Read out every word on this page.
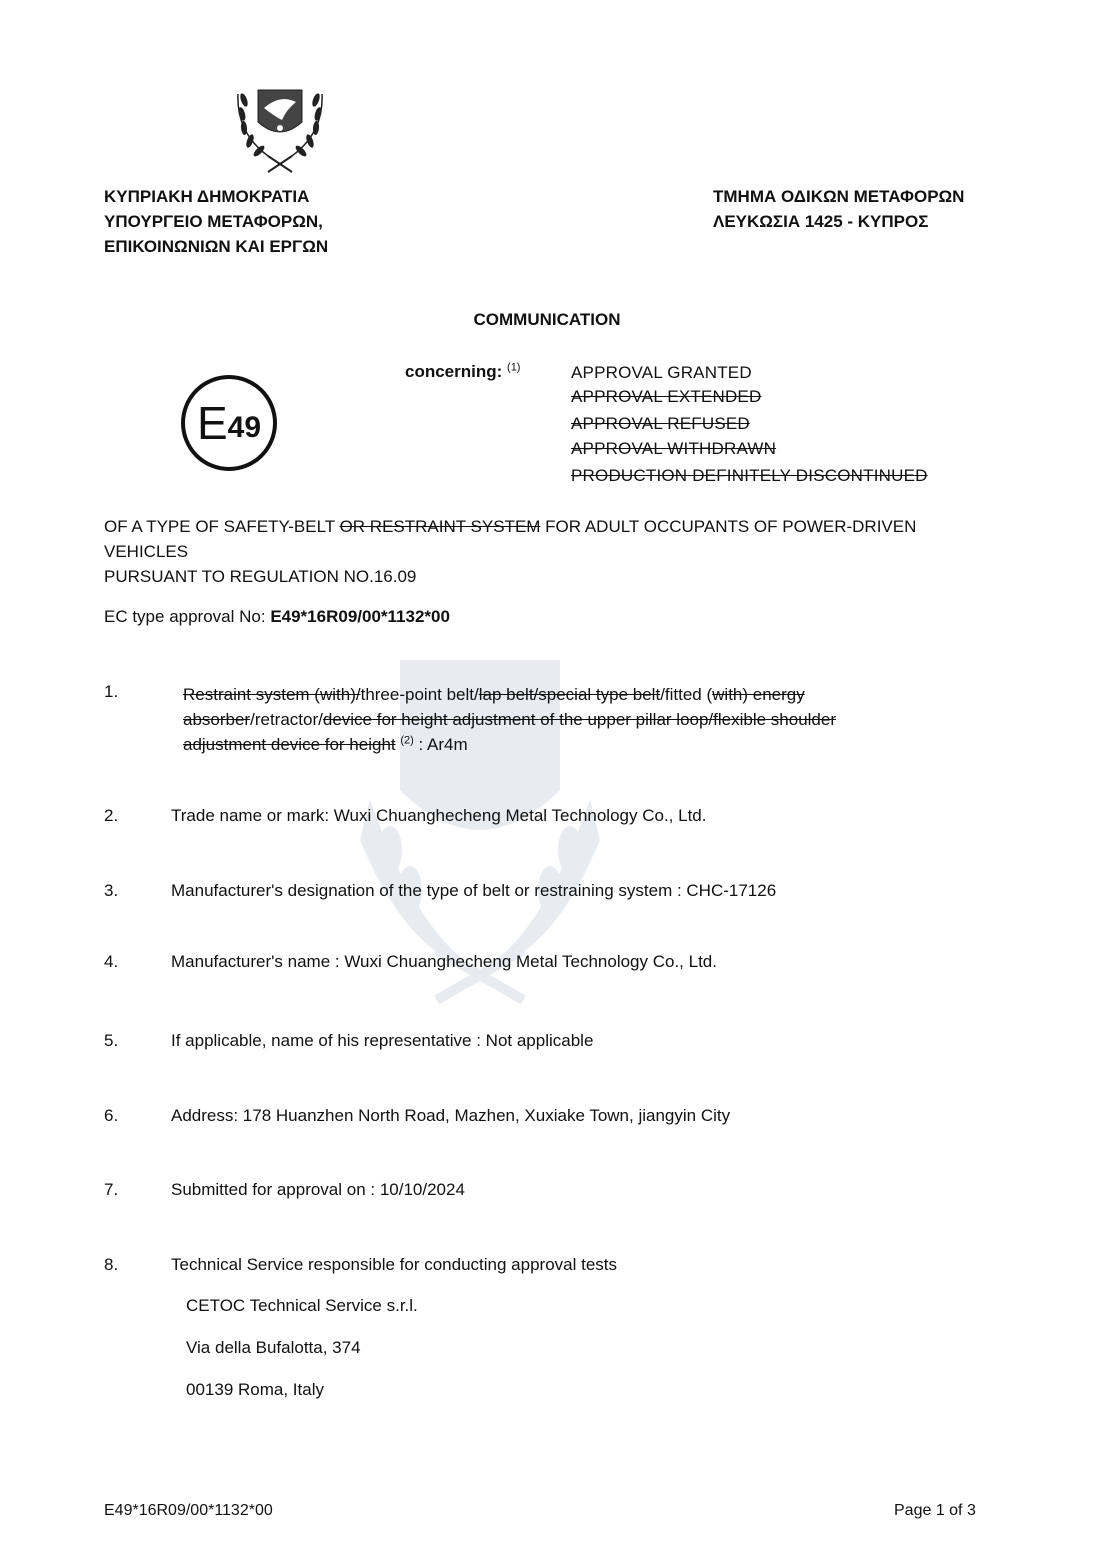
ΚΥΠΡΙΑΚΗ ΔΗΜΟΚΡΑΤΙΑ
ΥΠΟΥΡΓΕΙΟ ΜΕΤΑΦΟΡΩΝ,
ΕΠΙΚΟΙΝΩΝΙΩΝ ΚΑΙ ΕΡΓΩΝ
ΤΜΗΜΑ ΟΔΙΚΩΝ ΜΕΤΑΦΟΡΩΝ
ΛΕΥΚΩΣΙΑ 1425 - ΚΥΠΡΟΣ
COMMUNICATION
E 49
concerning: $^{(1)}$	APPROVAL GRANTED
APPROVAL EXTENDED
APPROVAL REFUSED
APPROVAL WITHDRAWN
PRODUCTION DEFINITELY DISCONTINUED
OF A TYPE OF SAFETY-BELT OR RESTRAINT SYSTEM FOR ADULT OCCUPANTS OF POWER-DRIVEN VEHICLES
PURSUANT TO REGULATION NO.16.09
EC type approval No: E49*16R09/00*1132*00
1.	Restraint system (with)/three-point belt/lap belt/special type belt/fitted (with) energy
absorber/retractor/device for height adjustment of the upper pillar loop/flexible shoulder
adjustment device for height $^{(2)}$ : Ar4m
2.	Trade name or mark: Wuxi Chuanghecheng Metal Technology Co., Ltd.
3.	Manufacturer's designation of the type of belt or restraining system : CHC-17126
4.	Manufacturer's name : Wuxi Chuanghecheng Metal Technology Co., Ltd.
5.	If applicable, name of his representative : Not applicable
6.	Address: 178 Huanzhen North Road, Mazhen, Xuxiake Town, jiangyin City
7.	Submitted for approval on : 10/10/2024
8.	Technical Service responsible for conducting approval tests
CETOC Technical Service s.r.l.
Via della Bufalotta, 374
00139 Roma, Italy
E49*16R09/00*1132*00	Page 1 of 3
